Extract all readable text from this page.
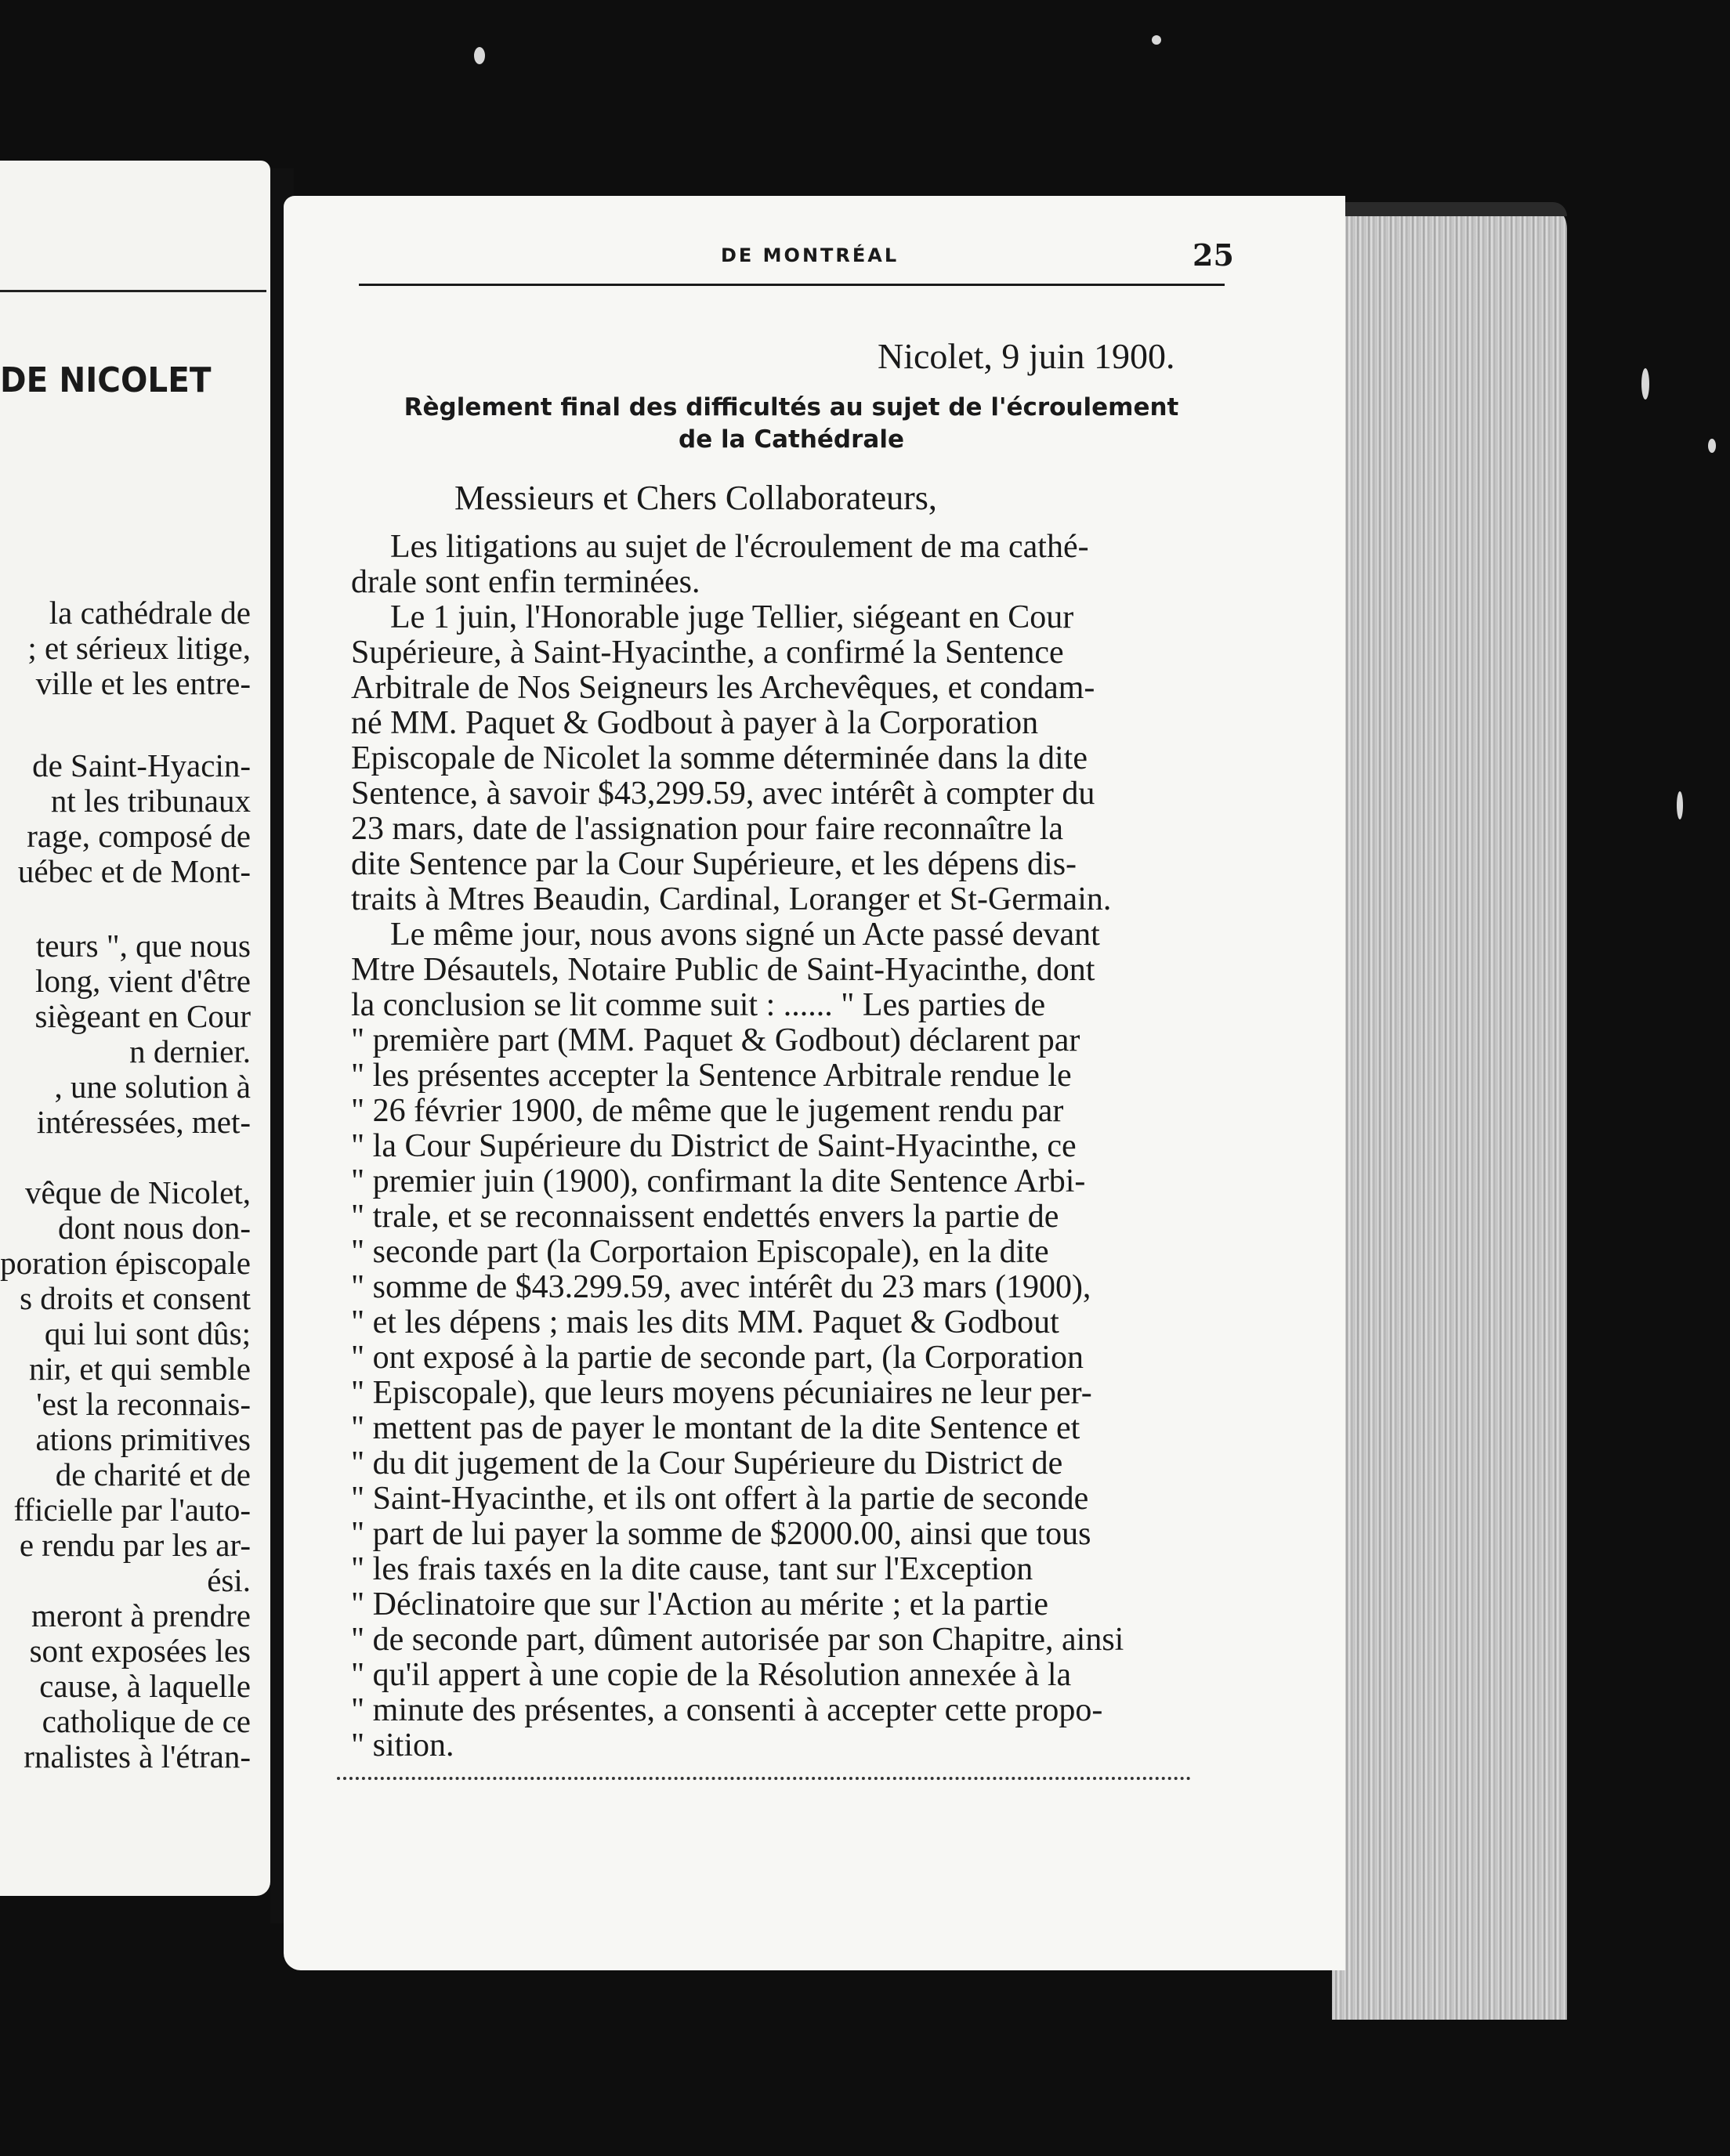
DE NICOLET
la cathédrale de
; et sérieux litige,
ville et les entre-
de Saint-Hyacin-
nt les tribunaux
rage, composé de
uébec et de Mont-
teurs ", que nous
long, vient d'être
siègeant en Cour
n dernier.
, une solution à
intéressées, met-
vêque de Nicolet,
dont nous don-
poration épiscopale
s droits et consent
qui lui sont dûs;
nir, et qui semble
'est la reconnais-
ations primitives
de charité et de
fficielle par l'auto-
e rendu par les ar-
ési.
meront à prendre
sont exposées les
cause, à laquelle
catholique de ce
rnalistes à l'étran-
DE MONTRÉAL	25
Nicolet, 9 juin 1900.
Règlement final des difficultés au sujet de l'écroulement
de la Cathédrale
Messieurs et Chers Collaborateurs,
Les litigations au sujet de l'écroulement de ma cathé-
drale sont enfin terminées.
Le 1 juin, l'Honorable juge Tellier, siégeant en Cour
Supérieure, à Saint-Hyacinthe, a confirmé la Sentence
Arbitrale de Nos Seigneurs les Archevêques, et condam-
né MM. Paquet & Godbout à payer à la Corporation
Episcopale de Nicolet la somme déterminée dans la dite
Sentence, à savoir $43,299.59, avec intérêt à compter du
23 mars, date de l'assignation pour faire reconnaître la
dite Sentence par la Cour Supérieure, et les dépens dis-
traits à Mtres Beaudin, Cardinal, Loranger et St-Germain.
Le même jour, nous avons signé un Acte passé devant
Mtre Désautels, Notaire Public de Saint-Hyacinthe, dont
la conclusion se lit comme suit : ...... " Les parties de
" première part (MM. Paquet & Godbout) déclarent par
" les présentes accepter la Sentence Arbitrale rendue le
" 26 février 1900, de même que le jugement rendu par
" la Cour Supérieure du District de Saint-Hyacinthe, ce
" premier juin (1900), confirmant la dite Sentence Arbi-
" trale, et se reconnaissent endettés envers la partie de
" seconde part (la Corportaion Episcopale), en la dite
" somme de $43.299.59, avec intérêt du 23 mars (1900),
" et les dépens ; mais les dits MM. Paquet & Godbout
" ont exposé à la partie de seconde part, (la Corporation
" Episcopale), que leurs moyens pécuniaires ne leur per-
" mettent pas de payer le montant de la dite Sentence et
" du dit jugement de la Cour Supérieure du District de
" Saint-Hyacinthe, et ils ont offert à la partie de seconde
" part de lui payer la somme de $2000.00, ainsi que tous
" les frais taxés en la dite cause, tant sur l'Exception
" Déclinatoire que sur l'Action au mérite ; et la partie
" de seconde part, dûment autorisée par son Chapitre, ainsi
" qu'il appert à une copie de la Résolution annexée à la
" minute des présentes, a consenti à accepter cette propo-
" sition.
